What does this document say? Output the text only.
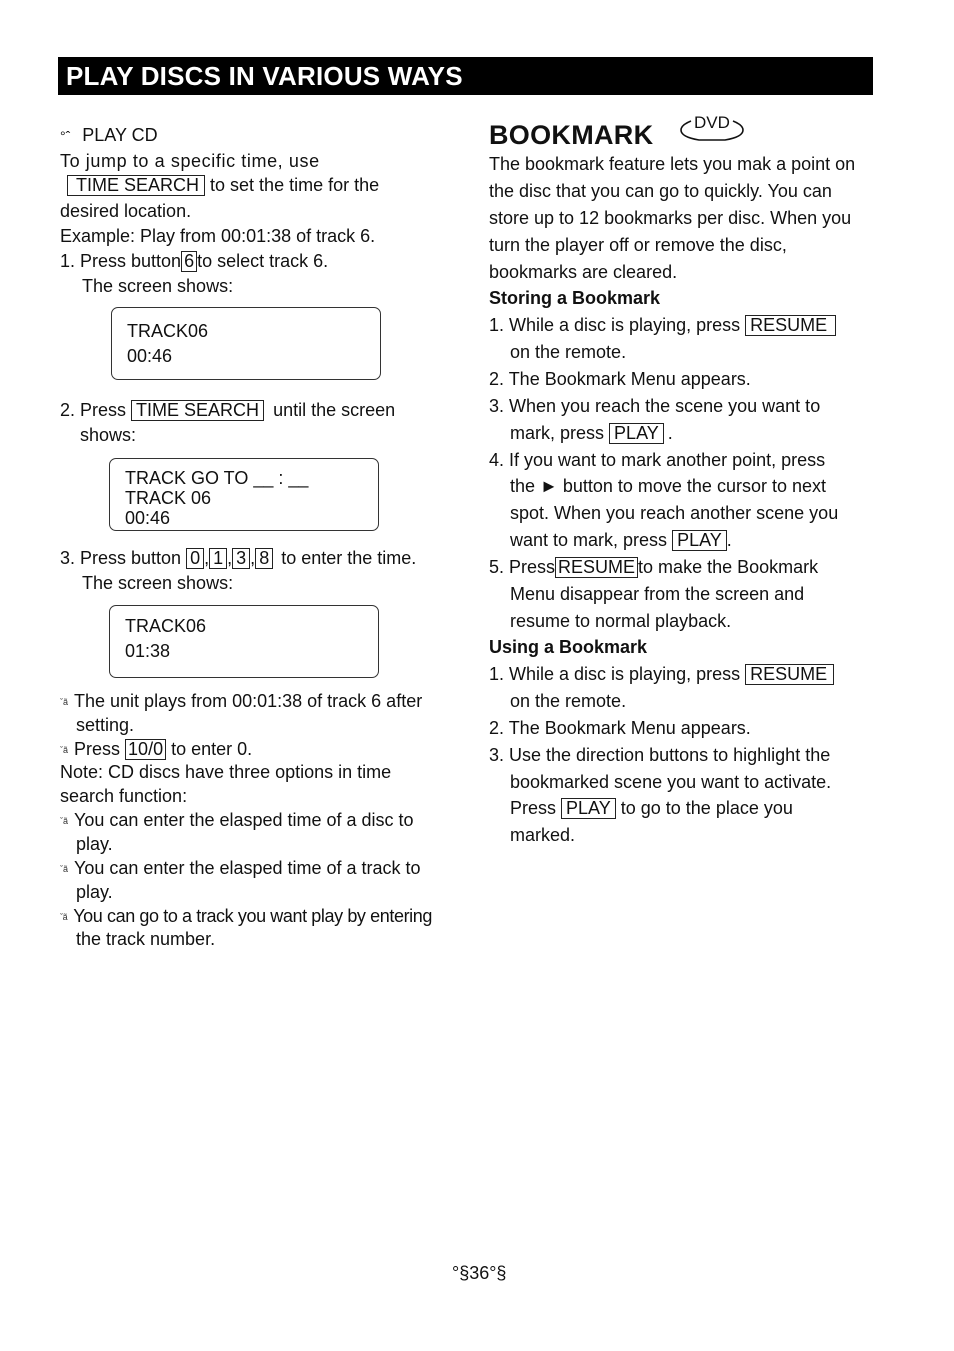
PLAY DISCS IN VARIOUS WAYS
°ˆ PLAY CD
To jump to a specific time, use
TIME SEARCH to set the time for the
desired location.
Example: Play from 00:01:38 of track 6.
1. Press button 6 to select track 6.
The screen shows:
TRACK06
00:46
2. Press TIME SEARCH until the screen
shows:
TRACK GO TO __ : __
TRACK 06
00:46
3. Press button 0 , 1 , 3 , 8 to enter the time.
The screen shows:
TRACK06
01:38
ˇã The unit plays from 00:01:38 of track 6 after
setting.
ˇã Press 10/0 to enter 0.
Note: CD discs have three options in time
search function:
ˇã You can enter the elasped time of a disc to
play.
ˇã You can enter the elasped time of a track to
play.
ˇã You can go to a track you want play by entering
the track number.
BOOKMARK DVD
The bookmark feature lets you mak a point on
the disc that you can go to quickly. You can
store up to 12 bookmarks per disc. When you
turn the player off or remove the disc,
bookmarks are cleared.
Storing a Bookmark
1. While a disc is playing, press RESUME
on the remote.
2. The Bookmark Menu appears.
3. When you reach the scene you want to
mark, press PLAY .
4. If you want to mark another point, press
the ► button to move the cursor to next
spot. When you reach another scene you
want to mark, press PLAY .
5. Press RESUME to make the Bookmark
Menu disappear from the screen and
resume to normal playback.
Using a Bookmark
1. While a disc is playing, press RESUME
on the remote.
2. The Bookmark Menu appears.
3. Use the direction buttons to highlight the
bookmarked scene you want to activate.
Press PLAY to go to the place you
marked.
°§36°§
